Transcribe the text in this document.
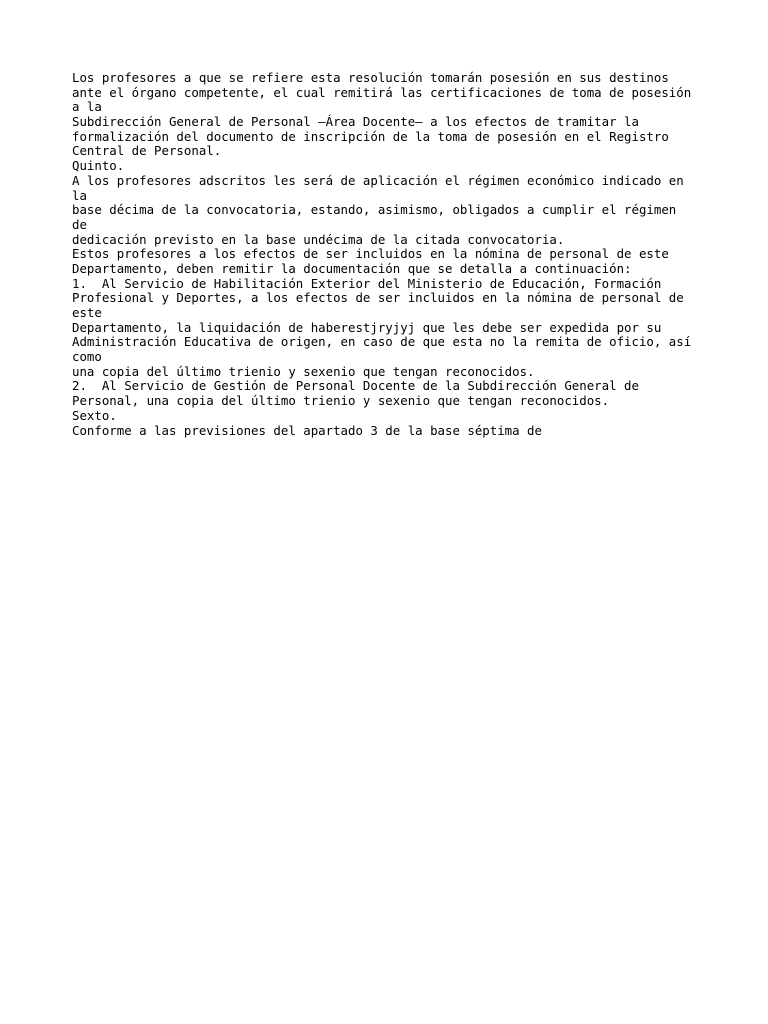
Los profesores a que se refiere esta resolución tomarán posesión en sus destinos

ante el órgano competente, el cual remitirá las certificaciones de toma de posesión

a la

Subdirección General de Personal –Área Docente– a los efectos de tramitar la

formalización del documento de inscripción de la toma de posesión en el Registro

Central de Personal.

Quinto.

A los profesores adscritos les será de aplicación el régimen económico indicado en

la

base décima de la convocatoria, estando, asimismo, obligados a cumplir el régimen

de

dedicación previsto en la base undécima de la citada convocatoria.

Estos profesores a los efectos de ser incluidos en la nómina de personal de este

Departamento, deben remitir la documentación que se detalla a continuación:

1.  Al Servicio de Habilitación Exterior del Ministerio de Educación, Formación

Profesional y Deportes, a los efectos de ser incluidos en la nómina de personal de

este

Departamento, la liquidación de haberestjryjyj que les debe ser expedida por su

Administración Educativa de origen, en caso de que esta no la remita de oficio, así

como

una copia del último trienio y sexenio que tengan reconocidos.

2.  Al Servicio de Gestión de Personal Docente de la Subdirección General de

Personal, una copia del último trienio y sexenio que tengan reconocidos.

Sexto.

Conforme a las previsiones del apartado 3 de la base séptima de
